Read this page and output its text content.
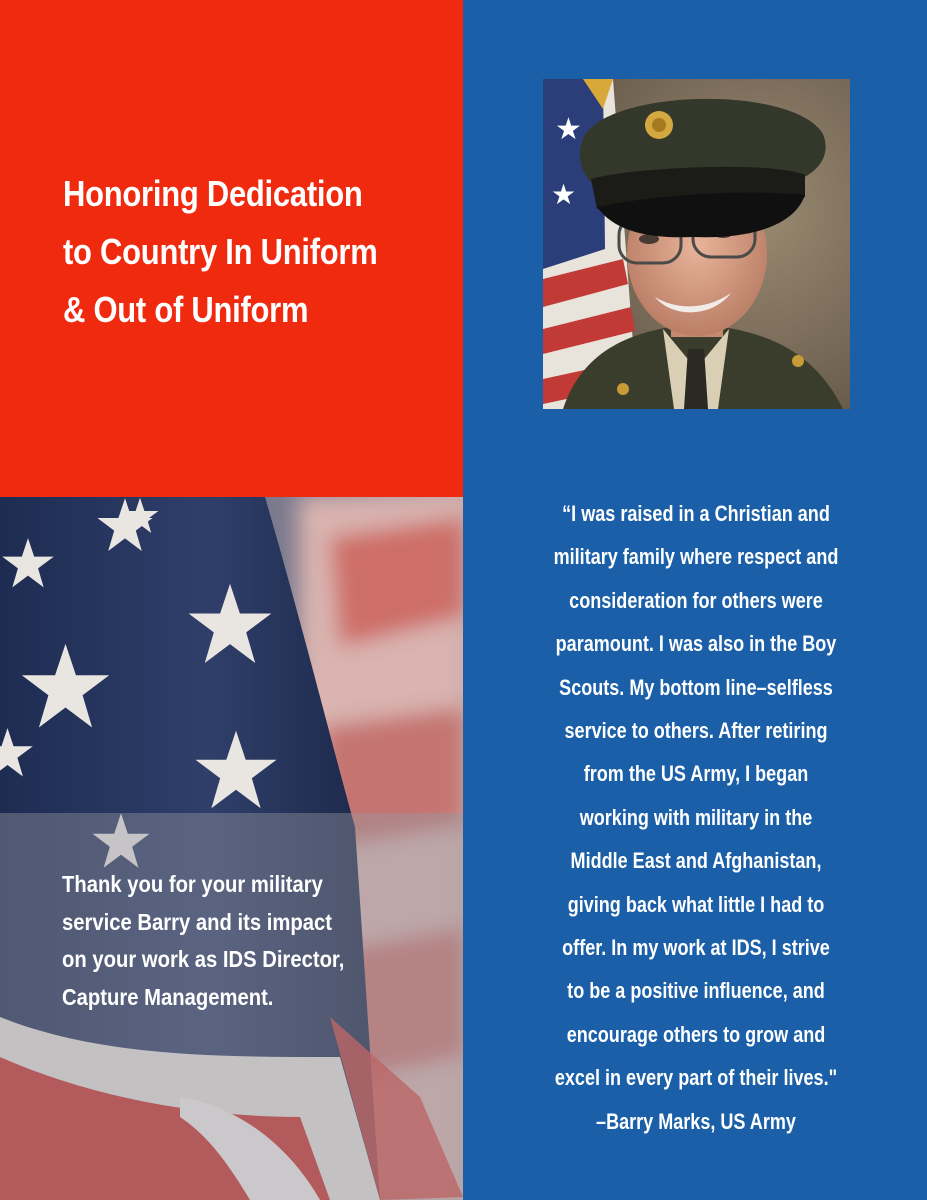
Honoring Dedication
to Country In Uniform
& Out of Uniform
★
★
“I was raised in a Christian and
military family where respect and
consideration for others were
paramount. I was also in the Boy
Scouts. My bottom line–selfless
service to others. After retiring
from the US Army, I began
working with military in the
Middle East and Afghanistan,
giving back what little I had to
offer. In my work at IDS, I strive
to be a positive influence, and
encourage others to grow and
excel in every part of their lives."
–Barry Marks, US Army
Thank you for your military
service Barry and its impact
on your work as IDS Director,
Capture Management.
